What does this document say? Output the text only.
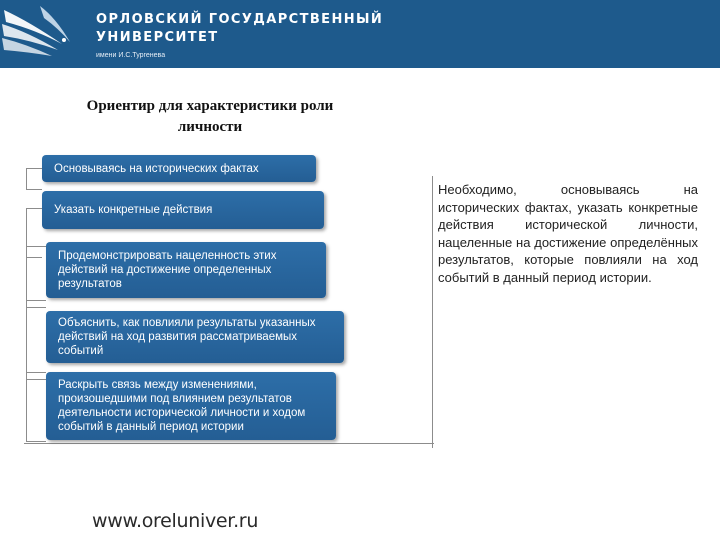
ОРЛОВСКИЙ ГОСУДАРСТВЕННЫЙ
УНИВЕРСИТЕТ
имени И.С.Тургенева
Ориентир для характеристики роли личности
Основываясь на исторических фактах
Указать конкретные действия
Продемонстрировать нацеленность этих действий на достижение определенных результатов
Объяснить, как повлияли результаты указанных действий на ход развития рассматриваемых событий
Раскрыть связь между изменениями, произошедшими под влиянием результатов деятельности исторической личности и ходом событий в данный период истории
Необходимо, основываясь на исторических фактах, указать конкретные действия исторической личности, нацеленные на достижение определённых результатов, которые повлияли на ход событий в данный период истории.
www.oreluniver.ru
